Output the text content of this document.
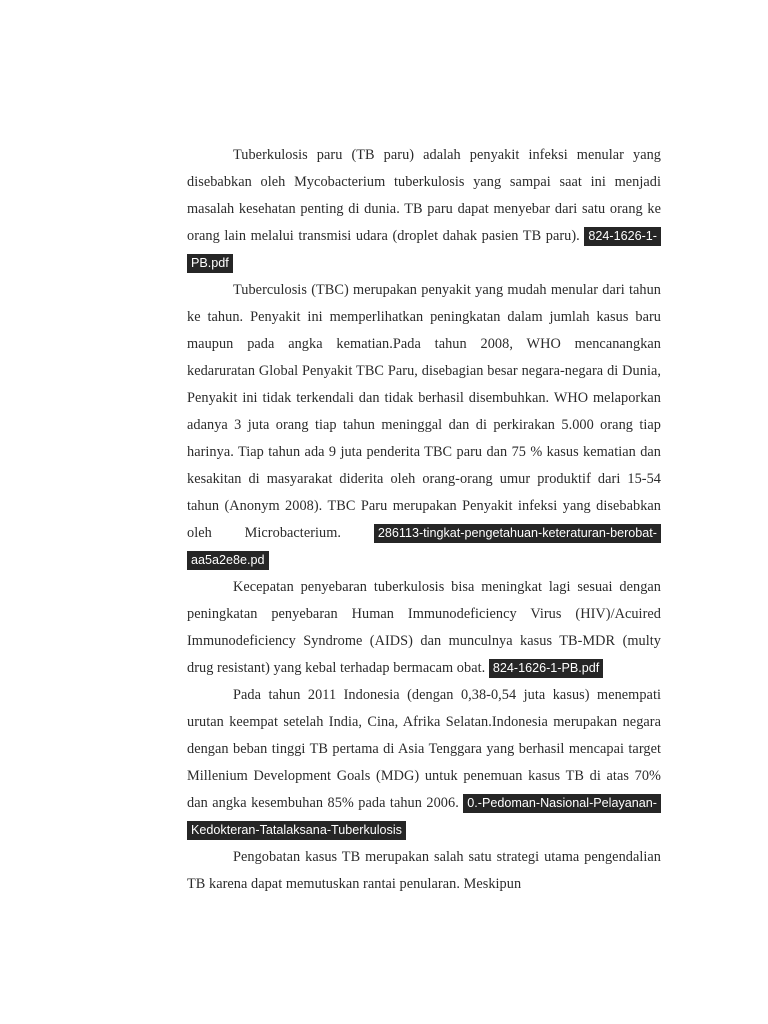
Tuberkulosis paru (TB paru) adalah penyakit infeksi menular yang disebabkan oleh Mycobacterium tuberkulosis yang sampai saat ini menjadi masalah kesehatan penting di dunia. TB paru dapat menyebar dari satu orang ke orang lain melalui transmisi udara (droplet dahak pasien TB paru). 824-1626-1-PB.pdf

Tuberculosis (TBC) merupakan penyakit yang mudah menular dari tahun ke tahun. Penyakit ini memperlihatkan peningkatan dalam jumlah kasus baru maupun pada angka kematian.Pada tahun 2008, WHO mencanangkan kedaruratan Global Penyakit TBC Paru, disebagian besar negara-negara di Dunia, Penyakit ini tidak terkendali dan tidak berhasil disembuhkan. WHO melaporkan adanya 3 juta orang tiap tahun meninggal dan di perkirakan 5.000 orang tiap harinya. Tiap tahun ada 9 juta penderita TBC paru dan 75 % kasus kematian dan kesakitan di masyarakat diderita oleh orang-orang umur produktif dari 15-54 tahun (Anonym 2008). TBC Paru merupakan Penyakit infeksi yang disebabkan oleh Microbacterium.	286113-tingkat-pengetahuan-keteraturan-berobat-aa5a2e8e.pd

Kecepatan penyebaran tuberkulosis bisa meningkat lagi sesuai dengan peningkatan penyebaran Human Immunodeficiency Virus (HIV)/Acuired Immunodeficiency Syndrome (AIDS) dan munculnya kasus TB-MDR (multy drug resistant) yang kebal terhadap bermacam obat. 824-1626-1-PB.pdf

Pada tahun 2011 Indonesia (dengan 0,38-0,54 juta kasus) menempati urutan keempat setelah India, Cina, Afrika Selatan.Indonesia merupakan negara dengan beban tinggi TB pertama di Asia Tenggara yang berhasil mencapai target Millenium Development Goals (MDG) untuk penemuan kasus TB di atas 70% dan angka kesembuhan 85% pada tahun 2006. 0.-Pedoman-Nasional-Pelayanan-Kedokteran-Tatalaksana-Tuberkulosis

Pengobatan kasus TB merupakan salah satu strategi utama pengendalian TB karena dapat memutuskan rantai penularan. Meskipun
